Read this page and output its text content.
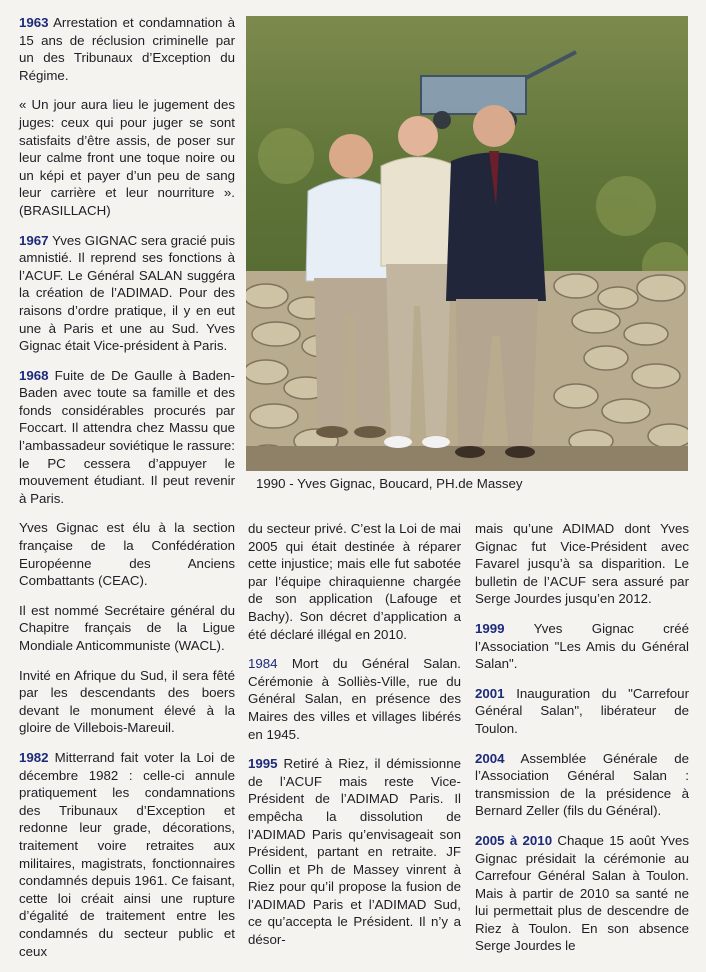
1963 Arrestation et condamnation à 15 ans de réclusion criminelle par un des Tribunaux d’Exception du Régime.

« Un jour aura lieu le jugement des juges: ceux qui pour juger se sont satisfaits d’être assis, de poser sur leur calme front une toque noire ou un képi et payer d’un peu de sang leur carrière et leur nourriture ». (BRASILLACH)

1967 Yves GIGNAC sera gracié puis amnistié. Il reprend ses fonctions à l’ACUF. Le Général SALAN suggéra la création de l’ADIMAD. Pour des raisons d’ordre pratique, il y en eut une à Paris et une au Sud. Yves Gignac était Vice-président à Paris.

1968 Fuite de De Gaulle à Baden-Baden avec toute sa famille et des fonds considérables procurés par Foccart. Il attendra chez Massu que l’ambassadeur soviétique le rassure: le PC cessera d’appuyer le mouvement étudiant. Il peut revenir à Paris.

Yves Gignac est élu à la section française de la Confédération Européenne des Anciens Combattants (CEAC).

Il est nommé Secrétaire général du Chapitre français de la Ligue Mondiale Anticommuniste (WACL).

Invité en Afrique du Sud, il sera fêté par les descendants des boers devant le monument élevé à la gloire de Villebois-Mareuil.

1982 Mitterrand fait voter la Loi de décembre 1982 : celle-ci annule pratiquement les condamnations des Tribunaux d’Exception et redonne leur grade, décorations, traitement voire retraites aux militaires, magistrats, fonctionnaires condamnés depuis 1961. Ce faisant, cette loi créait ainsi une rupture d’égalité de traitement entre les condamnés du secteur public et ceux

1990 - Yves Gignac, Boucard, PH.de Massey

du secteur privé. C’est la Loi de mai 2005 qui était destinée à réparer cette injustice; mais elle fut sabotée par l’équipe chiraquienne chargée de son application (Lafouge et Bachy). Son décret d’application a été déclaré illégal en 2010.

1984 Mort du Général Salan. Cérémonie à Solliès-Ville, rue du Général Salan, en présence des Maires des villes et villages libérés en 1945.

1995 Retiré à Riez, il démissionne de l’ACUF mais reste Vice-Président de l’ADIMAD Paris. Il empêcha la dissolution de l’ADIMAD Paris qu’envisageait son Président, partant en retraite. JF Collin et Ph de Massey vinrent à Riez pour qu’il propose la fusion de l’ADIMAD Paris et l’ADIMAD Sud, ce qu’accepta le Président. Il n’y a désor-

mais qu’une ADIMAD dont Yves Gignac fut Vice-Président avec Favarel jusqu’à sa disparition. Le bulletin de l’ACUF sera assuré par Serge Jourdes jusqu’en 2012.

1999 Yves Gignac créé l’Association "Les Amis du Général Salan".

2001 Inauguration du "Carrefour Général Salan", libérateur de Toulon.

2004 Assemblée Générale de l’Association Général Salan : transmission de la présidence à Bernard Zeller (fils du Général).

2005 à 2010 Chaque 15 août Yves Gignac présidait la cérémonie au Carrefour Général Salan à Toulon. Mais à partir de 2010 sa santé ne lui permettait plus de descendre de Riez à Toulon. En son absence Serge Jourdes le
